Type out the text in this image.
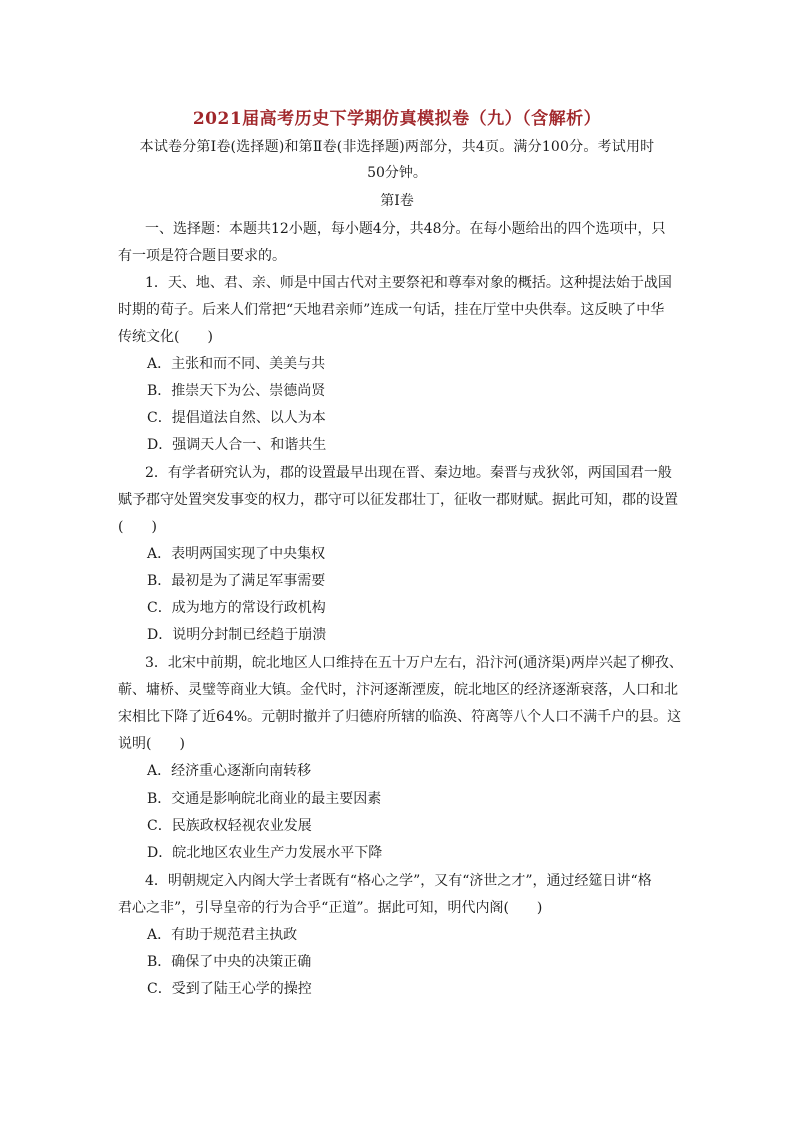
2021届高考历史下学期仿真模拟卷（九）（含解析）
本试卷分第Ⅰ卷(选择题)和第Ⅱ卷(非选择题)两部分，共4页。满分100分。考试用时
50分钟。
第Ⅰ卷
一、选择题：本题共12小题，每小题4分，共48分。在每小题给出的四个选项中，只
有一项是符合题目要求的。
1．天、地、君、亲、师是中国古代对主要祭祀和尊奉对象的概括。这种提法始于战国
时期的荀子。后来人们常把“天地君亲师”连成一句话，挂在厅堂中央供奉。这反映了中华
传统文化(　　)
A．主张和而不同、美美与共
B．推崇天下为公、崇德尚贤
C．提倡道法自然、以人为本
D．强调天人合一、和谐共生
2．有学者研究认为，郡的设置最早出现在晋、秦边地。秦晋与戎狄邻，两国国君一般
赋予郡守处置突发事变的权力，郡守可以征发郡壮丁，征收一郡财赋。据此可知，郡的设置
(　　)
A．表明两国实现了中央集权
B．最初是为了满足军事需要
C．成为地方的常设行政机构
D．说明分封制已经趋于崩溃
3．北宋中前期，皖北地区人口维持在五十万户左右，沿汴河(通济渠)两岸兴起了柳孜、
蕲、墉桥、灵璧等商业大镇。金代时，汴河逐渐湮废，皖北地区的经济逐渐衰落，人口和北
宋相比下降了近64%。元朝时撤并了归德府所辖的临涣、符离等八个人口不满千户的县。这
说明(　　)
A．经济重心逐渐向南转移
B．交通是影响皖北商业的最主要因素
C．民族政权轻视农业发展
D．皖北地区农业生产力发展水平下降
4．明朝规定入内阁大学士者既有“格心之学”，又有“济世之才”，通过经筵日讲“格
君心之非”，引导皇帝的行为合乎“正道”。据此可知，明代内阁(　　)
A．有助于规范君主执政
B．确保了中央的决策正确
C．受到了陆王心学的操控
